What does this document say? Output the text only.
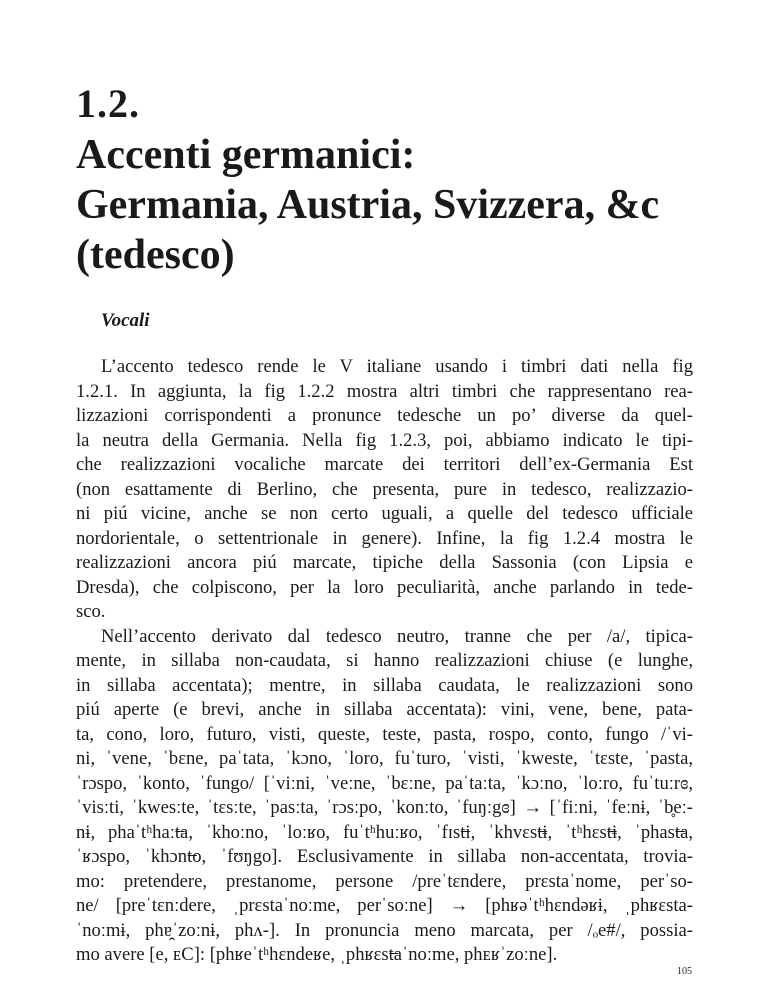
1.2.
Accenti germanici:
Germania, Austria, Svizzera, &c
(tedesco)
Vocali
L’accento tedesco rende le V italiane usando i timbri dati nella fig
1.2.1. In aggiunta, la fig 1.2.2 mostra altri timbri che rappresentano rea-
lizzazioni corrispondenti a pronunce tedesche un po’ diverse da quel-
la neutra della Germania. Nella fig 1.2.3, poi, abbiamo indicato le tipi-
che realizzazioni vocaliche marcate dei territori dell’ex-Germania Est
(non esattamente di Berlino, che presenta, pure in tedesco, realizzazio-
ni piú vicine, anche se non certo uguali, a quelle del tedesco ufficiale
nordorientale, o settentrionale in genere). Infine, la fig 1.2.4 mostra le
realizzazioni ancora piú marcate, tipiche della Sassonia (con Lipsia e
Dresda), che colpiscono, per la loro peculiarità, anche parlando in tede-
sco.
Nell’accento derivato dal tedesco neutro, tranne che per /a/, tipica-
mente, in sillaba non-caudata, si hanno realizzazioni chiuse (e lunghe,
in sillaba accentata); mentre, in sillaba caudata, le realizzazioni sono
piú aperte (e brevi, anche in sillaba accentata): vini, vene, bene, pata-
ta, cono, loro, futuro, visti, queste, teste, pasta, rospo, conto, fungo /ˈvi-
ni, ˈvene, ˈbɛne, paˈtata, ˈkɔno, ˈloro, fuˈturo, ˈvisti, ˈkweste, ˈtɛste, ˈpasta,
ˈrɔspo, ˈkonto, ˈfungo/ [ˈviːni, ˈveːne, ˈbɛːne, paˈtaːta, ˈkɔːno, ˈloːro, fuˈtuːrɞ,
ˈvisːti, ˈkwesːte, ˈtɛsːte, ˈpasːta, ˈrɔsːpo, ˈkonːto, ˈfuŋːgɞ] → [ˈfiːni, ˈfeːnɨ, ˈb̥eː-
nɨ, phaˈtʰhaːt̶a, ˈkhoːno, ˈloːʁo, fuˈtʰhuːʁo, ˈfɪst̶i, ˈkhvɛst̶ɨ, ˈtʰhɛst̶ɨ, ˈphast̶a,
ˈʁɔspo, ˈkhɔnt̶o, ˈfʊŋgo]. Esclusivamente in sillaba non-accentata, trovia-
mo: pretendere, prestanome, persone /preˈtɛndere, prɛstaˈnome, perˈso-
ne/ [preˈtɛnːdere, ˌprɛstaˈnoːme, perˈsoːne] → [phʁəˈtʰhɛndəʁɨ, ˌphʁɛsta-
ˈnoːmɨ, phɐ̯ˈzoːnɨ, phʌ-]. In pronuncia meno marcata, per /ₒe#/, possia-
mo avere [e, ᴇC]: [phʁeˈtʰhɛndeʁe, ˌphʁɛst̶aˈnoːme, phᴇʁˈzoːne].
105
